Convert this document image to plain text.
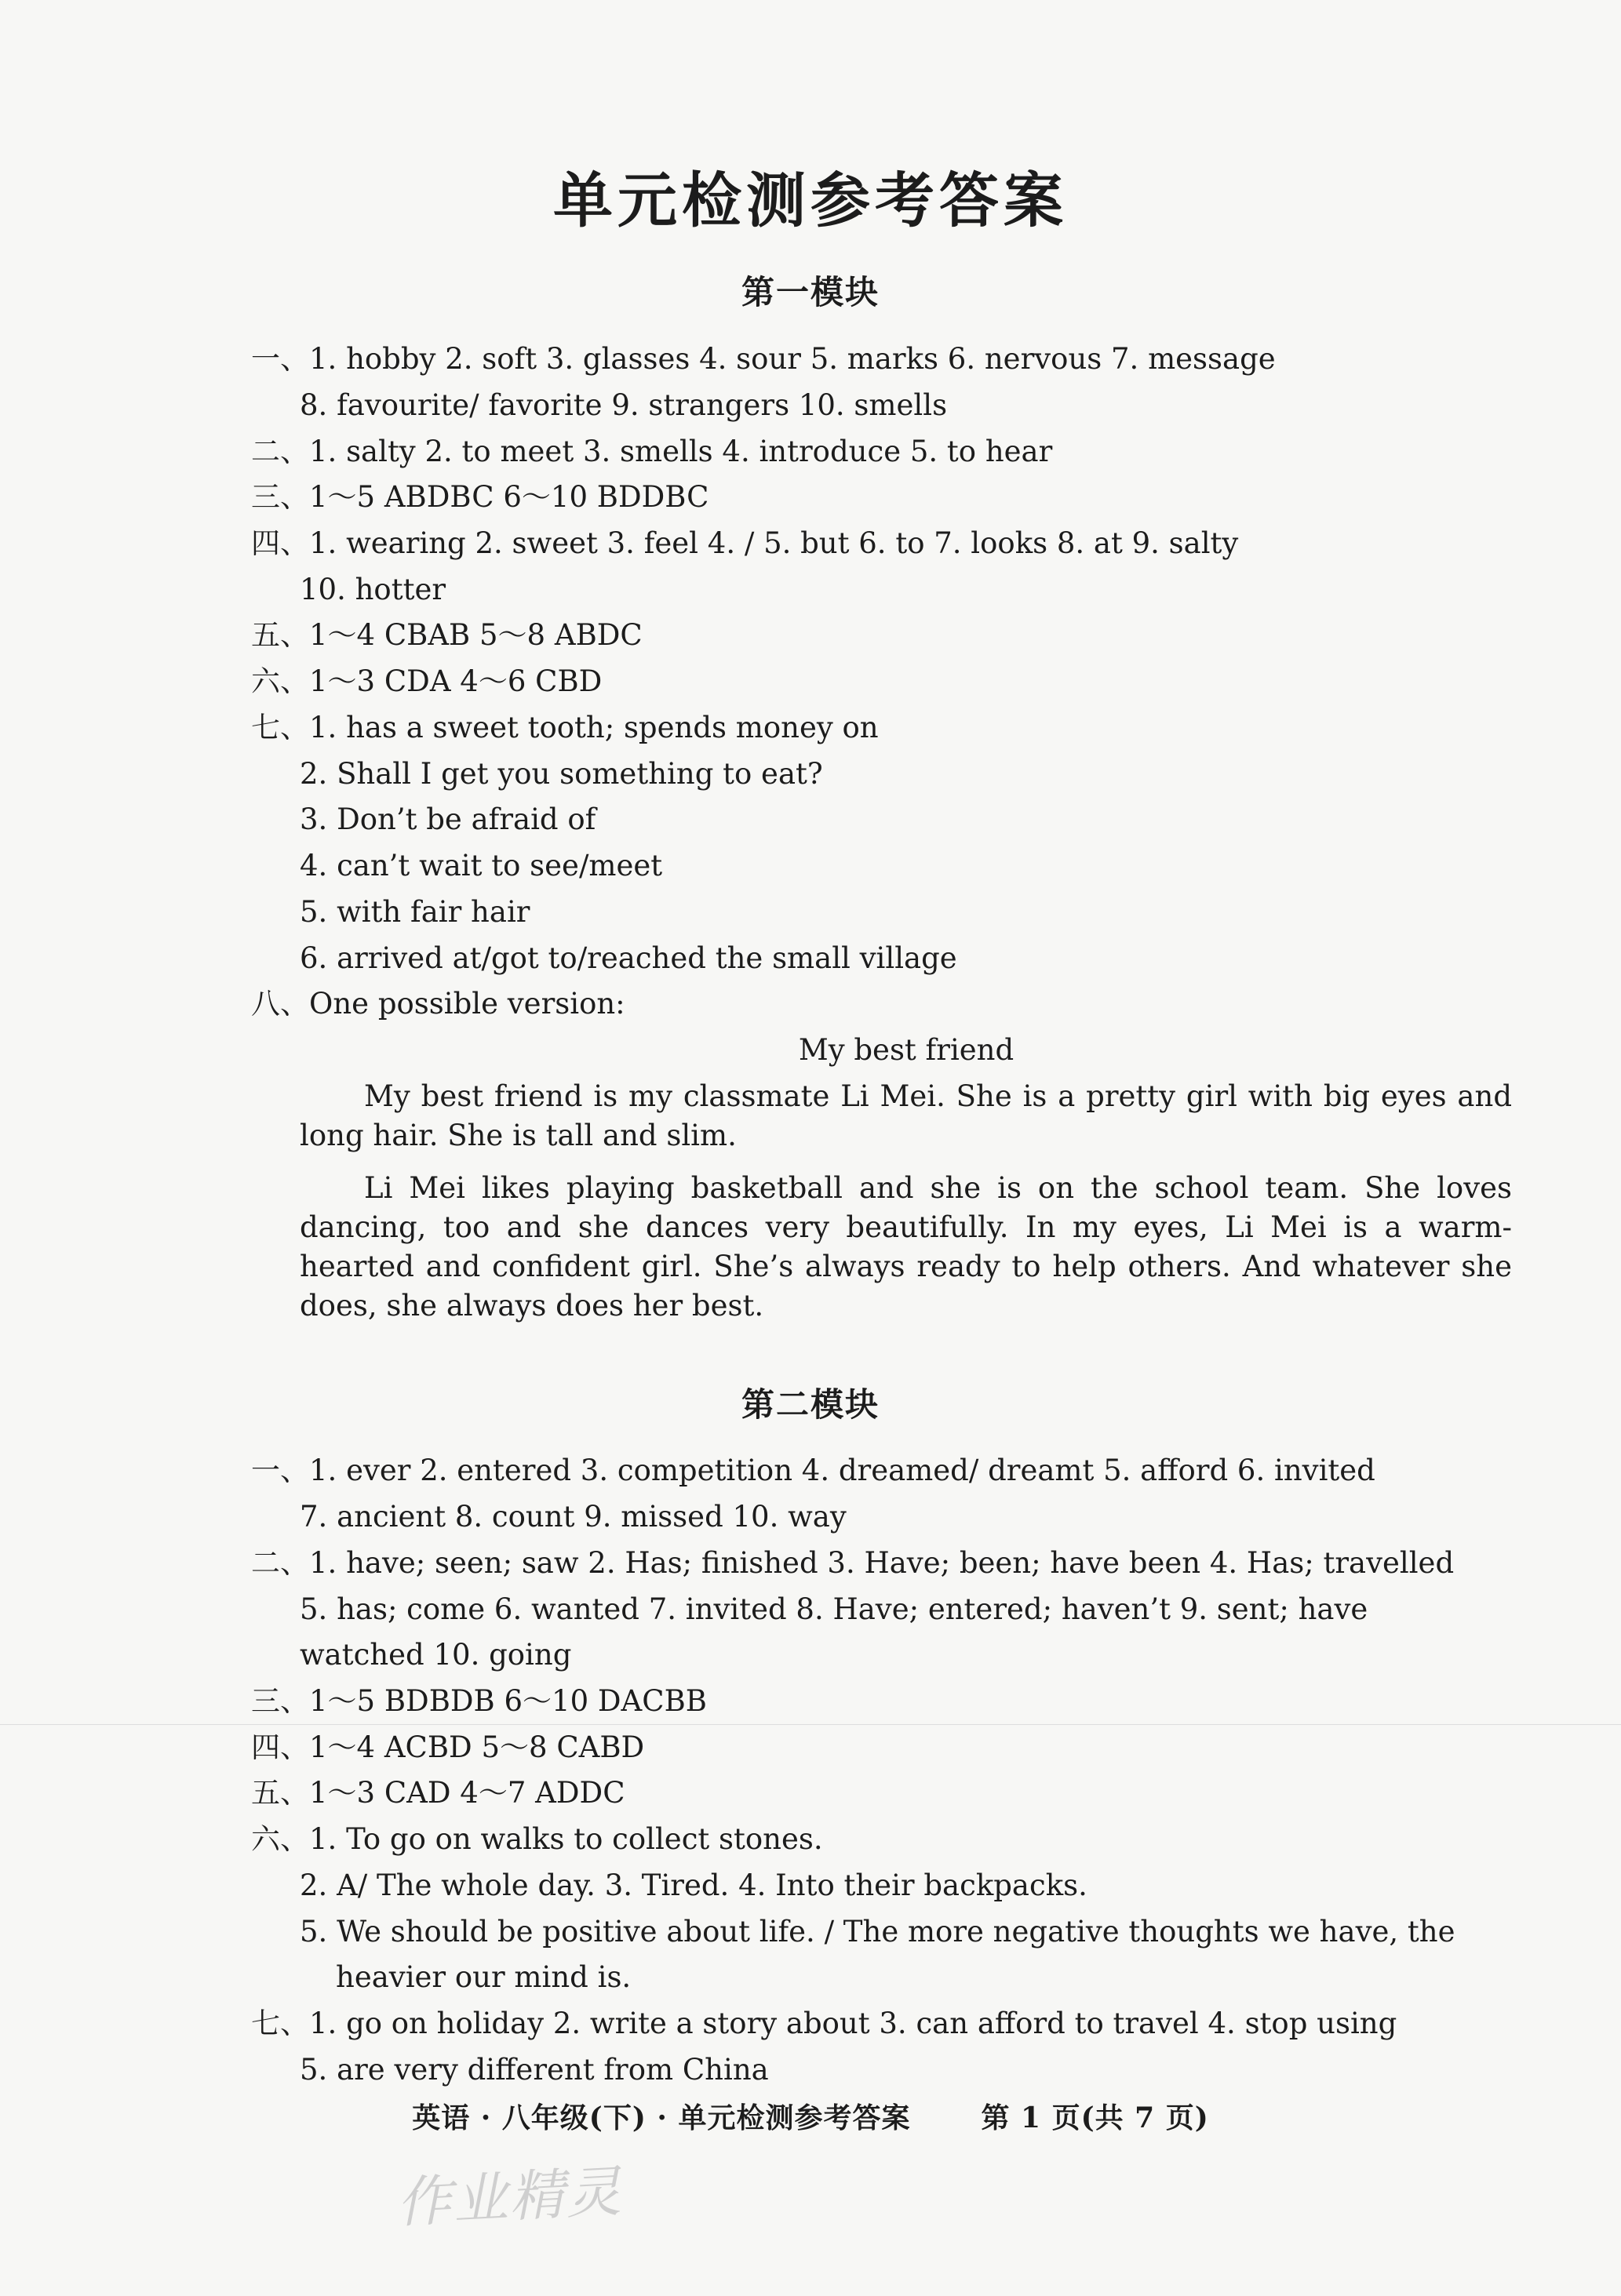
单元检测参考答案
第一模块
一、1. hobby 2. soft 3. glasses 4. sour 5. marks 6. nervous 7. message
8. favourite/ favorite 9. strangers 10. smells
二、1. salty 2. to meet 3. smells 4. introduce 5. to hear
三、1～5 ABDBC 6～10 BDDBC
四、1. wearing 2. sweet 3. feel 4. / 5. but 6. to 7. looks 8. at 9. salty
10. hotter
五、1～4 CBAB 5～8 ABDC
六、1～3 CDA 4～6 CBD
七、1. has a sweet tooth; spends money on
2. Shall I get you something to eat?
3. Don’t be afraid of
4. can’t wait to see/meet
5. with fair hair
6. arrived at/got to/reached the small village
八、One possible version:
My best friend
My best friend is my classmate Li Mei. She is a pretty girl with big eyes and long hair. She is tall and slim.
Li Mei likes playing basketball and she is on the school team. She loves dancing, too and she dances very beautifully. In my eyes, Li Mei is a warm-hearted and confident girl. She’s always ready to help others. And whatever she does, she always does her best.
第二模块
一、1. ever 2. entered 3. competition 4. dreamed/ dreamt 5. afford 6. invited
7. ancient 8. count 9. missed 10. way
二、1. have; seen; saw 2. Has; finished 3. Have; been; have been 4. Has; travelled
5. has; come 6. wanted 7. invited 8. Have; entered; haven’t 9. sent; have
watched 10. going
三、1～5 BDBDB 6～10 DACBB
四、1～4 ACBD 5～8 CABD
五、1～3 CAD 4～7 ADDC
六、1. To go on walks to collect stones.
2. A/ The whole day. 3. Tired. 4. Into their backpacks.
5. We should be positive about life. / The more negative thoughts we have, the
heavier our mind is.
七、1. go on holiday 2. write a story about 3. can afford to travel 4. stop using
5. are very different from China
英语 · 八年级(下) · 单元检测参考答案	第 1 页(共 7 页)
作业精灵
